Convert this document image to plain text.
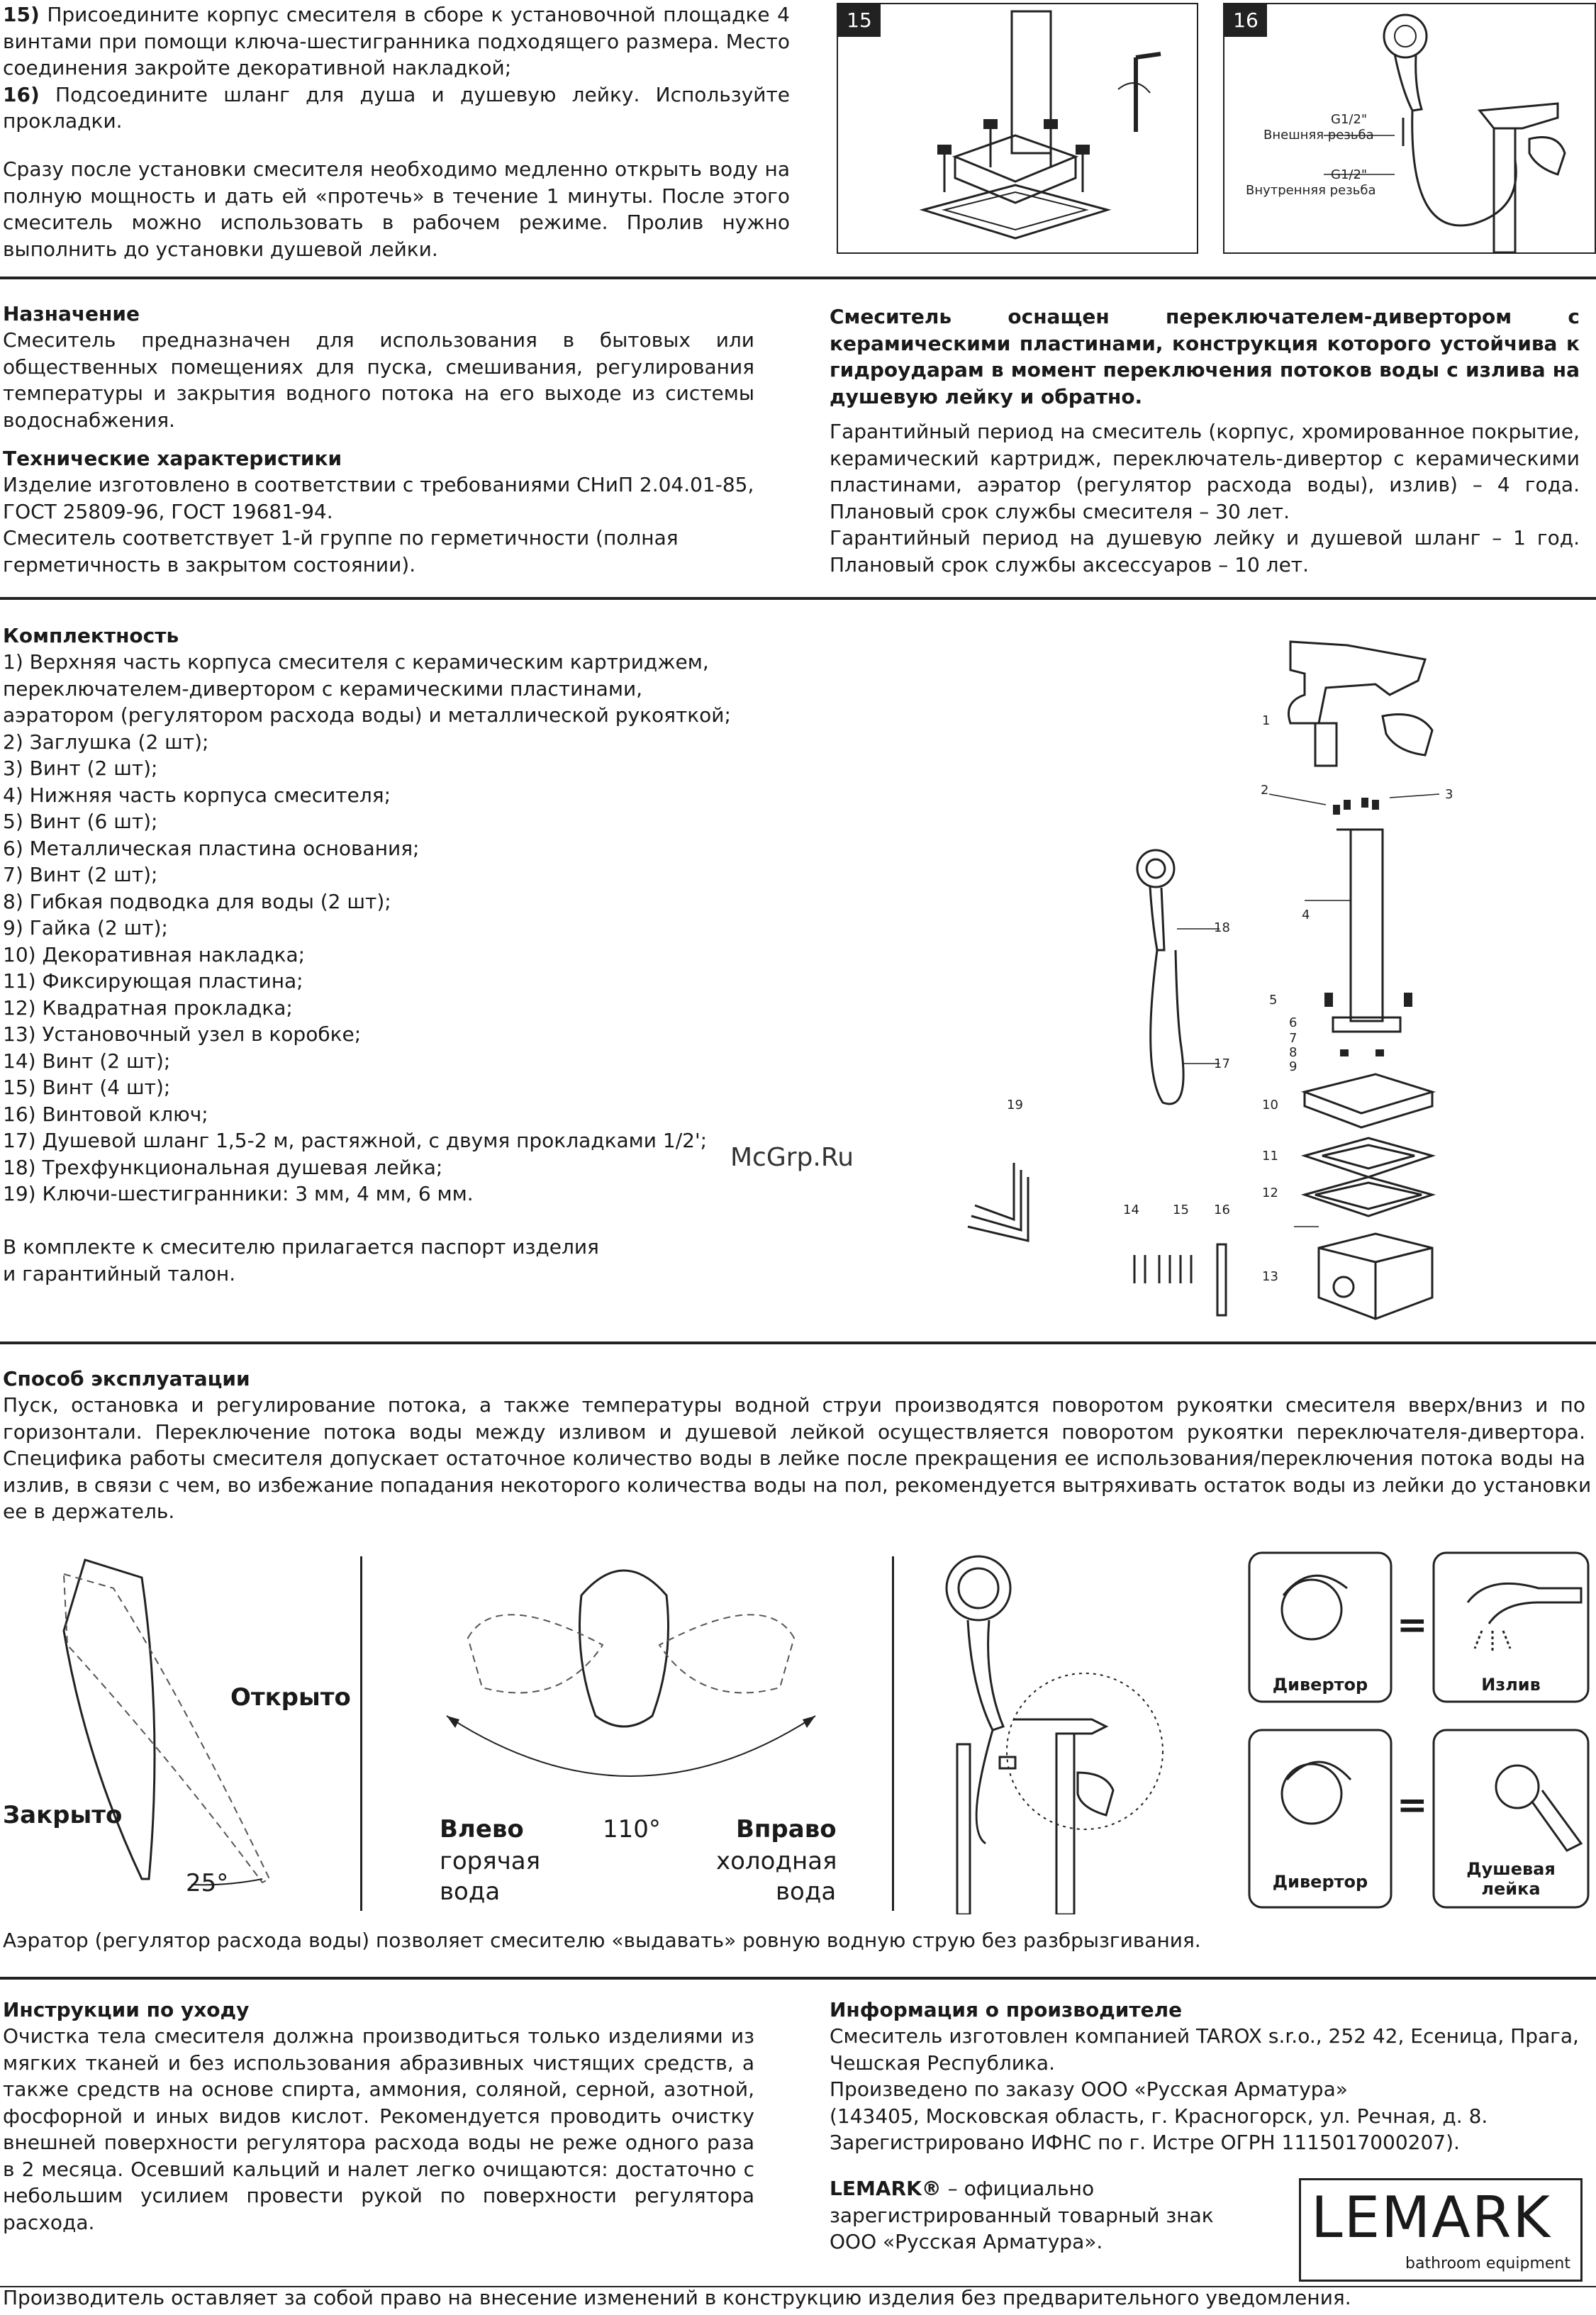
15) Присоедините корпус смесителя в сборе к установочной площадке 4 винтами при помощи ключа-шестигранника подходящего размера. Место соединения закройте декоративной накладкой;
16) Подсоедините шланг для душа и душевую лейку. Используйте прокладки.
Сразу после установки смесителя необходимо медленно открыть воду на полную мощность и дать ей «протечь» в течение 1 минуты. После этого смеситель можно использовать в рабочем режиме. Пролив нужно выполнить до установки душевой лейки.
15	16
G1/2"
Внешняя резьба
G1/2"
Внутренняя резьба
Назначение
Смеситель предназначен для использования в бытовых или общественных помещениях для пуска, смешивания, регулирования температуры и закрытия водного потока на его выходе из системы водоснабжения.
Технические характеристики
Изделие изготовлено в соответствии с требованиями СНиП 2.04.01-85, ГОСТ 25809-96, ГОСТ 19681-94.
Смеситель соответствует 1-й группе по герметичности (полная герметичность в закрытом состоянии).
Смеситель оснащен переключателем-дивертором с керамическими пластинами, конструкция которого устойчива к гидроударам в момент переключения потоков воды с излива на душевую лейку и обратно.
Гарантийный период на смеситель (корпус, хромированное покрытие, керамический картридж, переключатель-дивертор с керамическими пластинами, аэратор (регулятор расхода воды), излив) – 4 года. Плановый срок службы смесителя – 30 лет.
Гарантийный период на душевую лейку и душевой шланг – 1 год. Плановый срок службы аксессуаров – 10 лет.
Комплектность
1) Верхняя часть корпуса смесителя с керамическим картриджем,
переключателем-дивертором с керамическими пластинами,
аэратором (регулятором расхода воды) и металлической рукояткой;
2) Заглушка (2 шт);
3) Винт (2 шт);
4) Нижняя часть корпуса смесителя;
5) Винт (6 шт);
6) Металлическая пластина основания;
7) Винт (2 шт);
8) Гибкая подводка для воды (2 шт);
9) Гайка (2 шт);
10) Декоративная накладка;
11) Фиксирующая пластина;
12) Квадратная прокладка;
13) Установочный узел в коробке;
14) Винт (2 шт);
15) Винт (4 шт);
16) Винтовой ключ;
17) Душевой шланг 1,5-2 м, растяжной, с двумя прокладками 1/2';
18) Трехфункциональная душевая лейка;
19) Ключи-шестигранники: 3 мм, 4 мм, 6 мм.
В комплекте к смесителю прилагается паспорт изделия
и гарантийный талон.
McGrp.Ru
1
2	3
4
5
6
7
8
9
10
11
12
13
14	15 16
17
18
19
Способ эксплуатации
Пуск, остановка и регулирование потока, а также температуры водной струи производятся поворотом рукоятки смесителя вверх/вниз и по
горизонтали. Переключение потока воды между изливом и душевой лейкой осуществляется поворотом рукоятки переключателя-дивертора.
Специфика работы смесителя допускает остаточное количество воды в лейке после прекращения ее использования/переключения потока воды на
излив, в связи с чем, во избежание попадания некоторого количества воды на пол, рекомендуется вытряхивать остаток воды из лейки до установки
ее в держатель.
Открыто
Закрыто
25°
Влево
горячая
вода
110°	Вправо
холодная
вода
Дивертор	Излив
Дивертор
Душевая
лейка
=
=
Аэратор (регулятор расхода воды) позволяет смесителю «выдавать» ровную водную струю без разбрызгивания.
Инструкции по уходу
Очистка тела смесителя должна производиться только изделиями из
мягких тканей и без использования абразивных чистящих средств, а
также средств на основе спирта, аммония, соляной, серной, азотной,
фосфорной и иных видов кислот. Рекомендуется проводить очистку
внешней поверхности регулятора расхода воды не реже одного раза
в 2 месяца. Осевший кальций и налет легко очищаются: достаточно с
небольшим усилием провести рукой по поверхности регулятора
расхода.
Информация о производителе
Смеситель изготовлен компанией TAROX s.r.o., 252 42, Есеница, Прага,
Чешская Республика.
Произведено по заказу ООО «Русская Арматура»
(143405, Московская область, г. Красногорск, ул. Речная, д. 8.
Зарегистрировано ИФНС по г. Истре ОГРН 1115017000207).
LEMARK® – официально
зарегистрированный товарный знак
ООО «Русская Арматура».	LEMARK
bathroom equipment
Производитель оставляет за собой право на внесение изменений в конструкцию изделия без предварительного уведомления.
